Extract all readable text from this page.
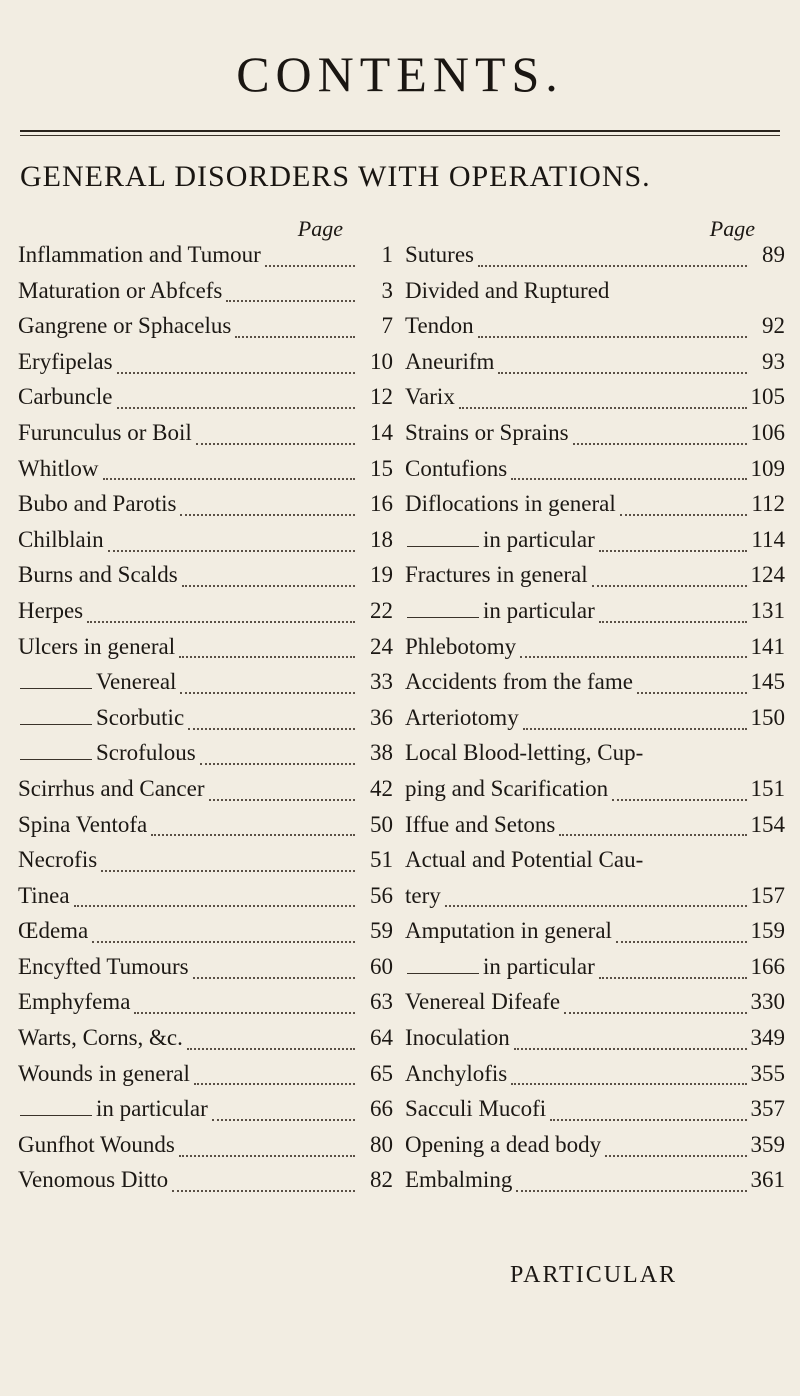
CONTENTS.
GENERAL DISORDERS WITH OPERATIONS.
Page
Inflammation and Tumour	1
Maturation or Abfcefs	3
Gangrene or Sphacelus	7
Eryfipelas	10
Carbuncle	12
Furunculus or Boil	14
Whitlow	15
Bubo and Parotis	16
Chilblain	18
Burns and Scalds	19
Herpes	22
Ulcers in general	24
Venereal	33
Scorbutic	36
Scrofulous	38
Scirrhus and Cancer	42
Spina Ventofa	50
Necrofis	51
Tinea	56
Œdema	59
Encyfted Tumours	60
Emphyfema	63
Warts, Corns, &c.	64
Wounds in general	65
in particular	66
Gunfhot Wounds	80
Venomous Ditto	82
Page
Sutures	89
Divided and Ruptured
Tendon	92
Aneurifm	93
Varix	105
Strains or Sprains	106
Contufions	109
Diflocations in general	112
in particular	114
Fractures in general	124
in particular	131
Phlebotomy	141
Accidents from the fame	145
Arteriotomy	150
Local Blood-letting, Cup-
ping and Scarification	151
Iffue and Setons	154
Actual and Potential Cau-
tery	157
Amputation in general	159
in particular	166
Venereal Difeafe	330
Inoculation	349
Anchylofis	355
Sacculi Mucofi	357
Opening a dead body	359
Embalming	361
PARTICULAR
